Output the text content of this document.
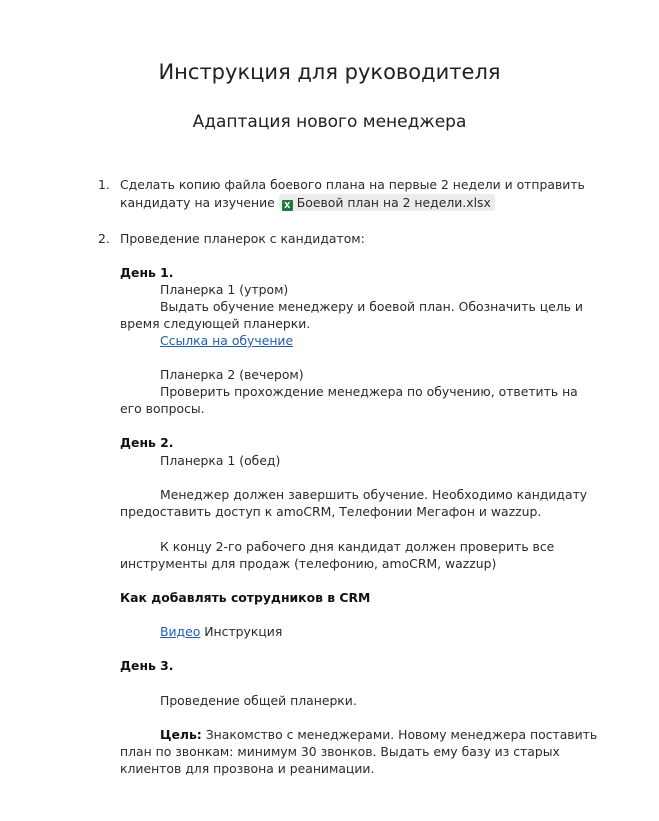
Инструкция для руководителя
Адаптация нового менеджера
1. Сделать копию файла боевого плана на первые 2 недели и отправить
кандидату на изучение X Боевой план на 2 недели.xlsx
2. Проведение планерок с кандидатом:
День 1.
Планерка 1 (утром)
Выдать обучение менеджеру и боевой план. Обозначить цель и
время следующей планерки.
Ссылка на обучение
Планерка 2 (вечером)
Проверить прохождение менеджера по обучению, ответить на
его вопросы.
День 2.
Планерка 1 (обед)
Менеджер должен завершить обучение. Необходимо кандидату
предоставить доступ к amoCRM, Телефонии Мегафон и wazzup.
К концу 2-го рабочего дня кандидат должен проверить все
инструменты для продаж (телефонию, amoCRM, wazzup)
Как добавлять сотрудников в CRM
Видео Инструкция
День 3.
Проведение общей планерки.
Цель: Знакомство с менеджерами. Новому менеджера поставить
план по звонкам: минимум 30 звонков. Выдать ему базу из старых
клиентов для прозвона и реанимации.
